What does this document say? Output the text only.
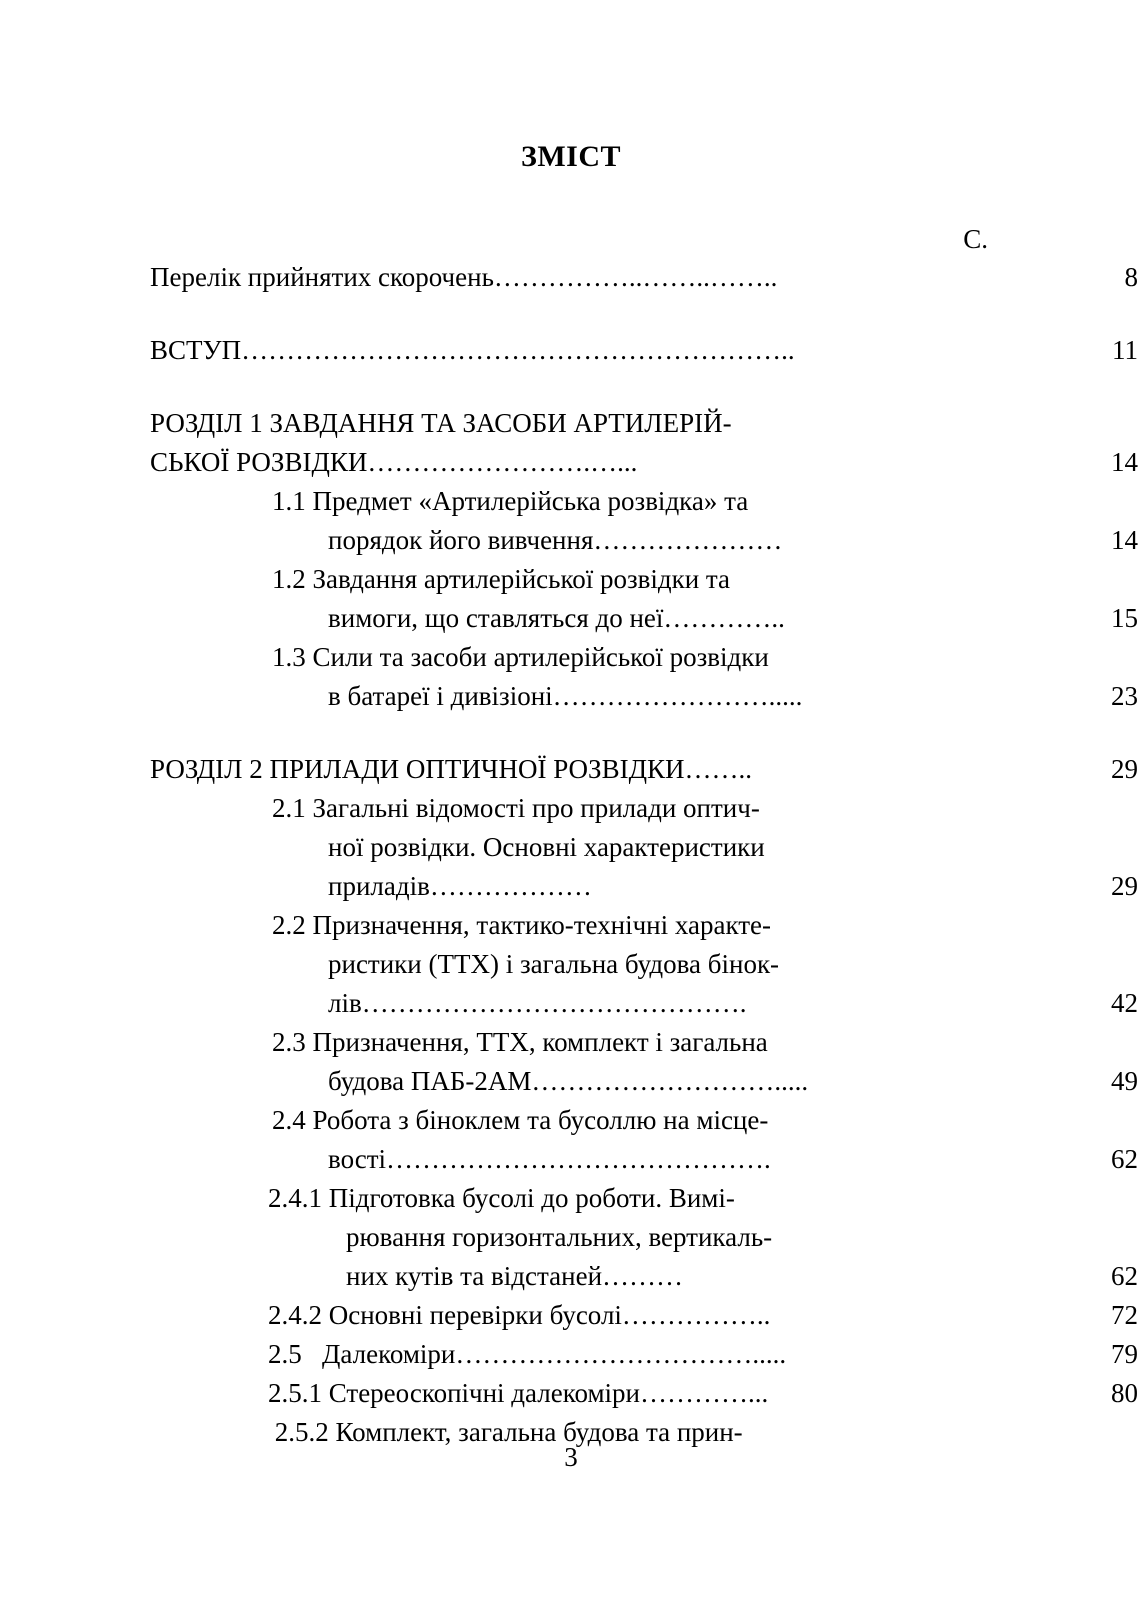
ЗМІСТ
С.
Перелік прийнятих скорочень……………..……..……..	8
ВСТУП……………………………………………………..	11
РОЗДІЛ 1 ЗАВДАННЯ ТА ЗАСОБИ АРТИЛЕРІЙ-
СЬКОЇ РОЗВІДКИ…………………….…...	14
1.1 Предмет «Артилерійська розвідка» та
порядок його вивчення…………………	14
1.2 Завдання артилерійської розвідки та
вимоги, що ставляться до неї…………..	15
1.3 Сили та засоби артилерійської розвідки
в батареї і дивізіоні…………………….....	23
РОЗДІЛ 2 ПРИЛАДИ ОПТИЧНОЇ РОЗВІДКИ……..	29
2.1 Загальні відомості про прилади оптич-
ної розвідки. Основні характеристики
приладів………………	29
2.2 Призначення, тактико-технічні характе-
ристики (ТТХ) і загальна будова бінок-
лів…………………………………….	42
2.3 Призначення, ТТХ, комплект і загальна
будова ПАБ-2АМ……………………….....	49
2.4 Робота з біноклем та бусоллю на місце-
вості…………………………………….	62
2.4.1 Підготовка бусолі до роботи. Вимі-
рювання горизонтальних, вертикаль-
них кутів та відстаней………	62
2.4.2 Основні перевірки бусолі……………..	72
2.5   Далекоміри…………………………….....	79
2.5.1 Стереоскопічні далекоміри…………...	80
2.5.2 Комплект, загальна будова та прин-
3
